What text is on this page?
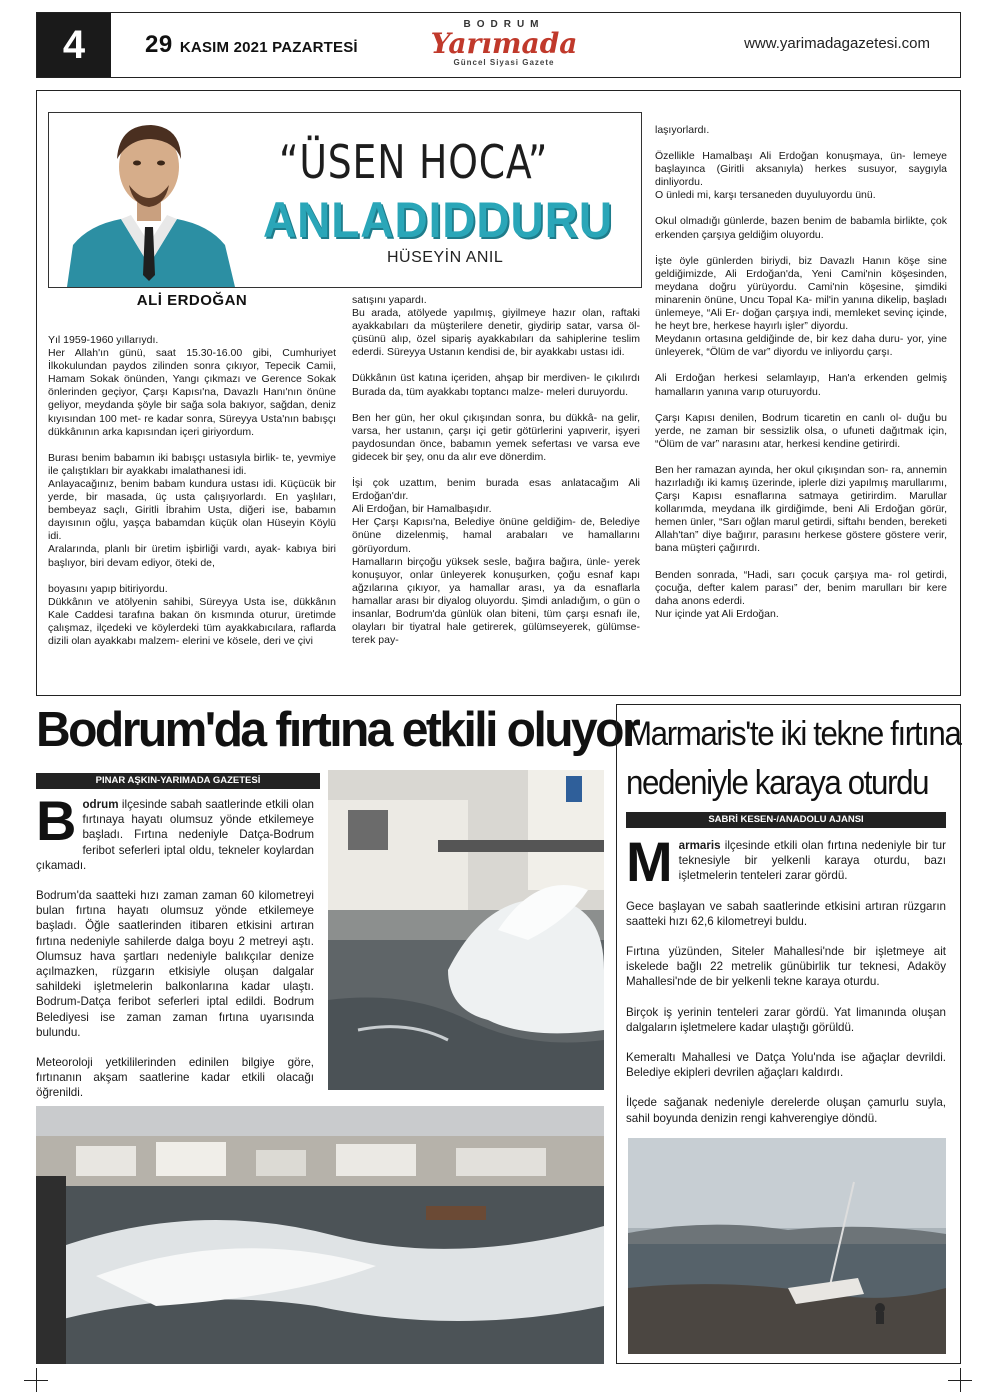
4	29 KASIM 2021 PAZARTESİ
BODRUM
Yarımada
Güncel Siyasi Gazete
www.yarimadagazetesi.com
“ÜSEN HOCA”
ANLADIDDURU
HÜSEYİN ANIL
ALİ ERDOĞAN

Yıl 1959-1960 yıllarıydı.
Her Allah'ın günü, saat 15.30-16.00 gibi, Cumhuriyet İlkokulundan paydos zilinden sonra çıkıyor, Tepecik Camii, Hamam Sokak önünden, Yangı çıkmazı ve Gerence Sokak önlerinden geçiyor, Çarşı Kapısı'na, Davazlı Hanı'nın önüne geliyor, meydanda şöyle bir sağa sola bakıyor, sağdan, deniz kıyısından 100 met- re kadar sonra, Süreyya Usta'nın babışçı dükkânının arka kapısından içeri giriyordum.

Burası benim babamın iki babışçı ustasıyla birlik- te, yevmiye ile çalıştıkları bir ayakkabı imalathanesi idi.
Anlayacağınız, benim babam kundura ustası idi. Küçücük bir yerde, bir masada, üç usta çalışıyorlardı. En yaşlıları, bembeyaz saçlı, Giritli İbrahim Usta, diğeri ise, babamın dayısının oğlu, yaşça babamdan küçük olan Hüseyin Köylü idi.
Aralarında, planlı bir üretim işbirliği vardı, ayak- kabıya biri başlıyor, biri devam ediyor, öteki de,

boyasını yapıp bitiriyordu.
Dükkânın ve atölyenin sahibi, Süreyya Usta ise, dükkânın Kale Caddesi tarafına bakan ön kısmında oturur, üretimde çalışmaz, ilçedeki ve köylerdeki tüm ayakkabıcılara, raflarda dizili olan ayakkabı malzem- elerini ve kösele, deri ve çivi

satışını yapardı.
Bu arada, atölyede yapılmış, giyilmeye hazır olan, raftaki ayakkabıları da müşterilere denetir, giydirip satar, varsa öl- çüsünü alıp, özel sipariş ayakkabıları da sahiplerine teslim ederdi. Süreyya Ustanın kendisi de, bir ayakkabı ustası idi.

Dükkânın üst katına içeriden, ahşap bir merdiven- le çıkılırdı Burada da, tüm ayakkabı toptancı malze- meleri duruyordu.

Ben her gün, her okul çıkışından sonra, bu dükkâ- na gelir, varsa, her ustanın, çarşı içi getir götürlerini yapıverir, işyeri paydosundan önce, babamın yemek sefertası ve varsa eve gidecek bir şey, onu da alır eve dönerdim.

İşi çok uzattım, benim burada esas anlatacağım Ali Erdoğan'dır.
Ali Erdoğan, bir Hamalbaşıdır.
Her Çarşı Kapısı'na, Belediye önüne geldiğim- de, Belediye önüne dizelenmiş, hamal arabaları ve hamallarını görüyordum.
Hamalların birçoğu yüksek sesle, bağıra bağıra, ünle- yerek konuşuyor, onlar ünleyerek konuşurken, çoğu esnaf kapı ağzılarına çıkıyor, ya hamallar arası, ya da esnaflarla hamallar arası bir diyalog oluyordu. Şimdi anladığım, o gün o insanlar, Bodrum'da günlük olan biteni, tüm çarşı esnafı ile, olayları bir tiyatral hale getirerek, gülümseyerek, gülümse- terek pay-

laşıyorlardı.

Özellikle Hamalbaşı Ali Erdoğan konuşmaya, ün- lemeye başlayınca (Giritli aksanıyla) herkes susuyor, saygıyla dinliyordu.
O ünledi mi, karşı tersaneden duyuluyordu ünü.

Okul olmadığı günlerde, bazen benim de babamla birlikte, çok erkenden çarşıya geldiğim oluyordu.

İşte öyle günlerden biriydi, biz Davazlı Hanın köşe sine geldiğimizde, Ali Erdoğan'da, Yeni Cami'nin köşesinden, meydana doğru yürüyordu. Cami'nin köşesine, şimdiki minarenin önüne, Uncu Topal Ka- mil'in yanına dikelip, başladı ünlemeye, “Ali Er- doğan çarşıya indi, memleket sevinç içinde, he heyt bre, herkese hayırlı işler” diyordu.
Meydanın ortasına geldiğinde de, bir kez daha duru- yor, yine ünleyerek, “Ölüm de var” diyordu ve inliyordu çarşı.

Ali Erdoğan herkesi selamlayıp, Han'a erkenden gelmiş hamalların yanına varıp oturuyordu.

Çarşı Kapısı denilen, Bodrum ticaretin en canlı ol- duğu bu yerde, ne zaman bir sessizlik olsa, o ufuneti dağıtmak için, “Ölüm de var” narasını atar, herkesi kendine getirirdi.

Ben her ramazan ayında, her okul çıkışından son- ra, annemin hazırladığı iki kamış üzerinde, iplerle dizi yapılmış marullarımı, Çarşı Kapısı esnaflarına satmaya getirirdim. Marullar kollarımda, meydana ilk girdiğimde, beni Ali Erdoğan görür, hemen ünler, “Sarı oğlan marul getirdi, siftahı benden, bereketi Allah'tan” diye bağırır, parasını herkese göstere göstere verir, bana müşteri çağırırdı.

Benden sonrada, “Hadi, sarı çocuk çarşıya ma- rol getirdi, çocuğa, defter kalem parası” der, benim marulları bir kere daha anons ederdi.
Nur içinde yat Ali Erdoğan.

Bodrum'da fırtına etkili oluyor
PINAR AŞKIN-YARIMADA GAZETESİ

Bodrum ilçesinde sabah saatlerinde etkili olan fırtınaya hayatı olumsuz yönde etkilemeye başladı. Fırtına nedeniyle Datça-Bodrum feribot seferleri iptal oldu, tekneler koylardan çıkamadı.

Bodrum'da saatteki hızı zaman zaman 60 kilometreyi bulan fırtına hayatı olumsuz yönde etkilemeye başladı. Öğle saatlerinden itibaren etkisini artıran fırtına nedeniyle sahilerde dalga boyu 2 metreyi aştı. Olumsuz hava şartları nedeniyle balıkçılar denize açılmazken, rüzgarın etkisiyle oluşan dalgalar sahildeki işletmelerin balkonlarına kadar ulaştı. Bodrum-Datça feribot seferleri iptal edildi. Bodrum Belediyesi ise zaman zaman fırtına uyarısında bulundu.

Meteoroloji yetkililerinden edinilen bilgiye göre, fırtınanın akşam saatlerine kadar etkili olacağı öğrenildi.

Marmaris'te iki tekne fırtına
nedeniyle karaya oturdu
SABRİ KESEN-/ANADOLU AJANSI

Marmaris ilçesinde etkili olan fırtına nedeniyle bir tur teknesiyle bir yelkenli karaya oturdu, bazı işletmelerin tenteleri zarar gördü.

Gece başlayan ve sabah saatlerinde etkisini artıran rüzgarın saatteki hızı 62,6 kilometreyi buldu.

Fırtına yüzünden, Siteler Mahallesi'nde bir işletmeye ait iskelede bağlı 22 metrelik günübirlik tur teknesi, Adaköy Mahallesi'nde de bir yelkenli tekne karaya oturdu.

Birçok iş yerinin tenteleri zarar gördü. Yat limanında oluşan dalgaların işletmelere kadar ulaştığı görüldü.

Kemeraltı Mahallesi ve Datça Yolu'nda ise ağaçlar devrildi. Belediye ekipleri devrilen ağaçları kaldırdı.

İlçede sağanak nedeniyle derelerde oluşan çamurlu suyla, sahil boyunda denizin rengi kahverengiye döndü.
